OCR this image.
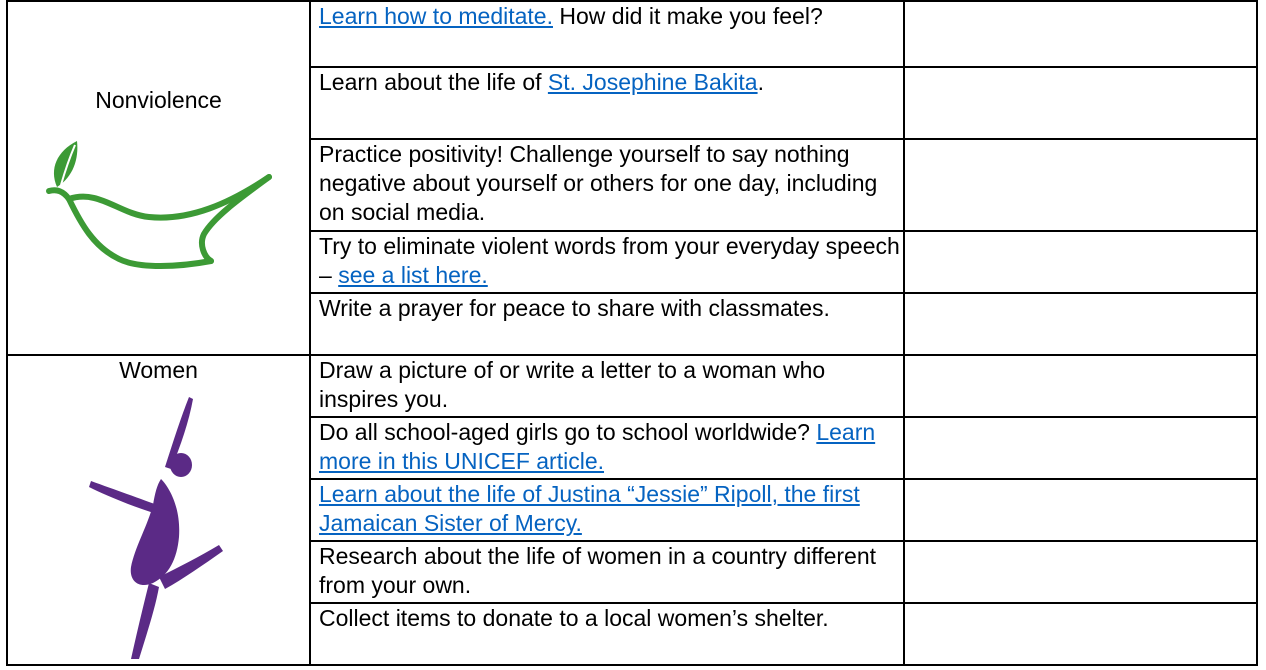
Nonviolence	Learn how to meditate. How did it make you feel?	
	Learn about the life of St. Josephine Bakita.	
	Practice positivity! Challenge yourself to say nothing negative about yourself or others for one day, including on social media.	
	Try to eliminate violent words from your everyday speech – see a list here.	
	Write a prayer for peace to share with classmates.	

Women	Draw a picture of or write a letter to a woman who inspires you.	
	Do all school-aged girls go to school worldwide? Learn more in this UNICEF article.	
	Learn about the life of Justina “Jessie” Ripoll, the first Jamaican Sister of Mercy.	
	Research about the life of women in a country different from your own.	
	Collect items to donate to a local women’s shelter.	
